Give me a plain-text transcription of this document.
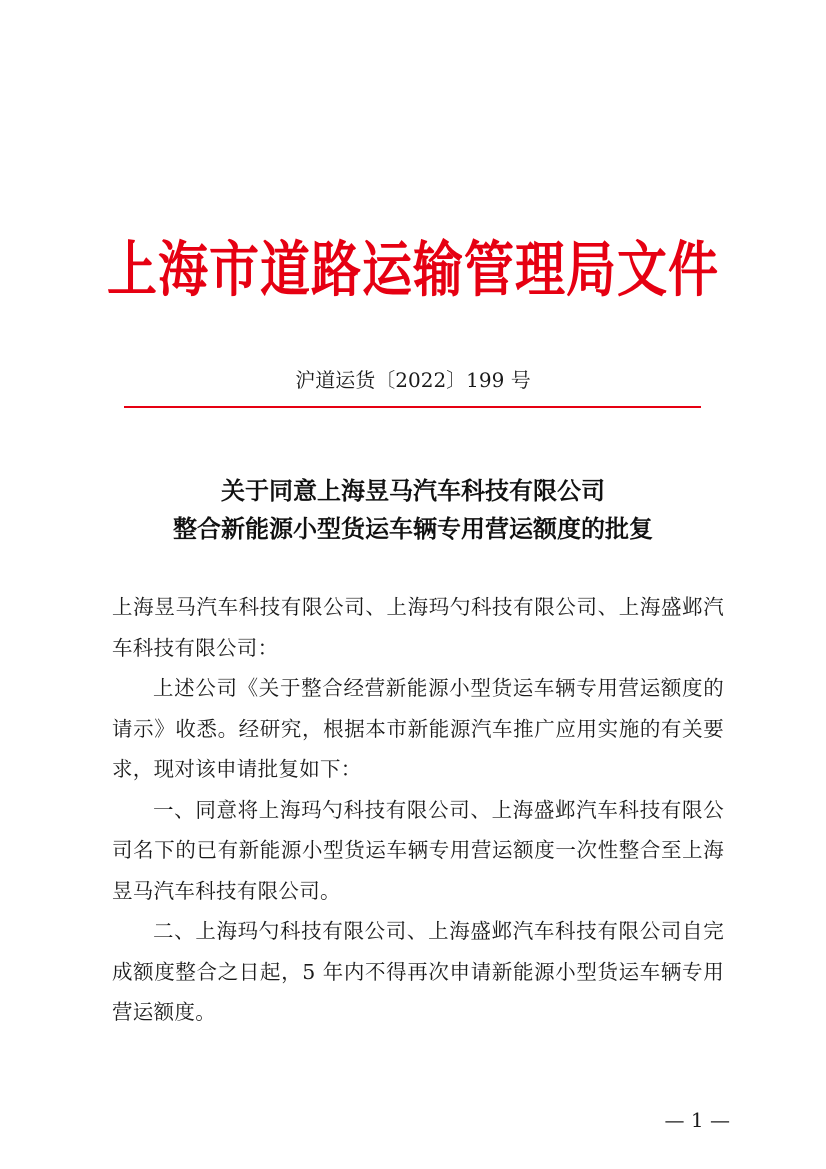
上海市道路运输管理局文件
沪道运货〔2022〕199 号
关于同意上海昱马汽车科技有限公司
整合新能源小型货运车辆专用营运额度的批复

上海昱马汽车科技有限公司、上海玛勺科技有限公司、上海盛邺汽车科技有限公司：

上述公司《关于整合经营新能源小型货运车辆专用营运额度的请示》收悉。经研究，根据本市新能源汽车推广应用实施的有关要求，现对该申请批复如下：

一、同意将上海玛勺科技有限公司、上海盛邺汽车科技有限公司名下的已有新能源小型货运车辆专用营运额度一次性整合至上海昱马汽车科技有限公司。

二、上海玛勺科技有限公司、上海盛邺汽车科技有限公司自完成额度整合之日起，5 年内不得再次申请新能源小型货运车辆专用营运额度。

— 1 —
